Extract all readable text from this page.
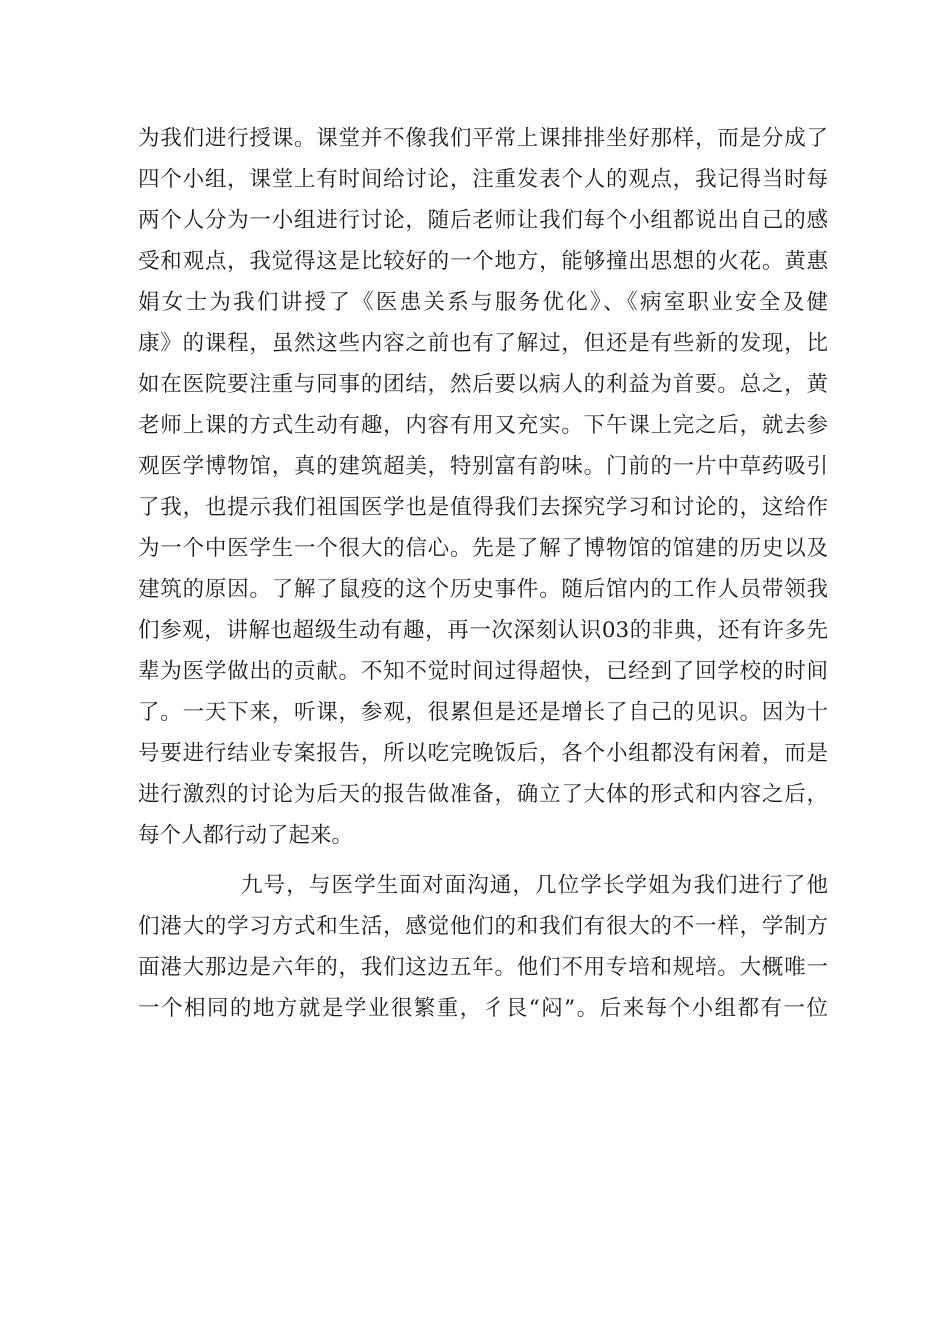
为我们进行授课。课堂并不像我们平常上课排排坐好那样，而是分成了
四个小组，课堂上有时间给讨论，注重发表个人的观点，我记得当时每
两个人分为一小组进行讨论，随后老师让我们每个小组都说出自己的感
受和观点，我觉得这是比较好的一个地方，能够撞出思想的火花。黄惠
娟女士为我们讲授了《医患关系与服务优化》、《病室职业安全及健
康》的课程，虽然这些内容之前也有了解过，但还是有些新的发现，比
如在医院要注重与同事的团结，然后要以病人的利益为首要。总之，黄
老师上课的方式生动有趣，内容有用又充实。下午课上完之后，就去参
观医学博物馆，真的建筑超美，特别富有韵味。门前的一片中草药吸引
了我，也提示我们祖国医学也是值得我们去探究学习和讨论的，这给作
为一个中医学生一个很大的信心。先是了解了博物馆的馆建的历史以及
建筑的原因。了解了鼠疫的这个历史事件。随后馆内的工作人员带领我
们参观，讲解也超级生动有趣，再一次深刻认识03的非典，还有许多先
辈为医学做出的贡献。不知不觉时间过得超快，已经到了回学校的时间
了。一天下来，听课，参观，很累但是还是增长了自己的见识。因为十
号要进行结业专案报告，所以吃完晚饭后，各个小组都没有闲着，而是
进行激烈的讨论为后天的报告做准备，确立了大体的形式和内容之后，
每个人都行动了起来。
九号，与医学生面对面沟通，几位学长学姐为我们进行了他
们港大的学习方式和生活，感觉他们的和我们有很大的不一样，学制方
面港大那边是六年的，我们这边五年。他们不用专培和规培。大概唯一
一个相同的地方就是学业很繁重，彳艮“闷”。后来每个小组都有一位
